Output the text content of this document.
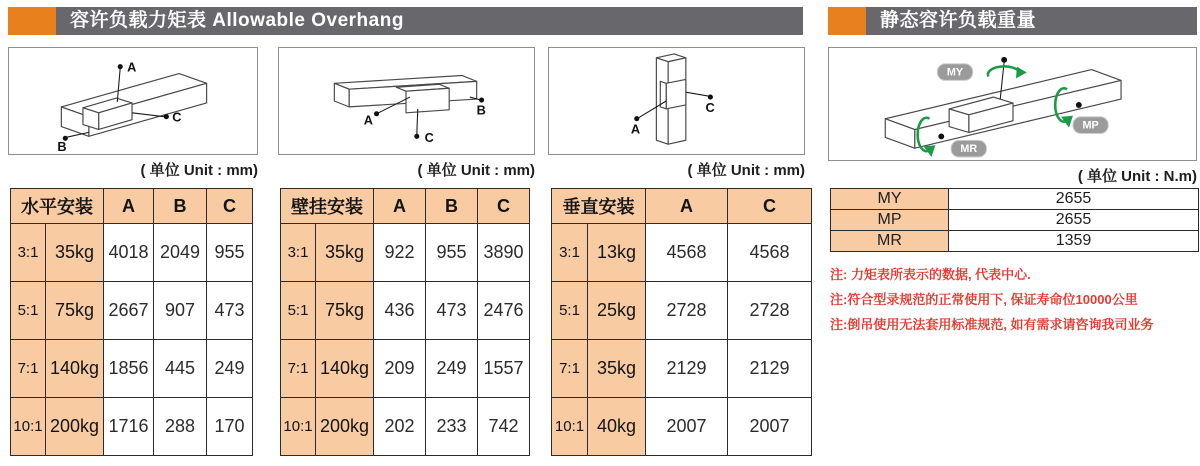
容许负载力矩表 Allowable Overhang	静态容许负载重量
A
B
C
( 单位 Unit : mm)
A
B
C
( 单位 Unit : mm)
A
C
( 单位 Unit : mm)
MY
MP
MR
( 单位 Unit : N.m)
水平安装		A	B	C
3:1	35kg	4018	2049	955
5:1	75kg	2667	907	473
7:1	140kg	1856	445	249
10:1	200kg	1716	288	170
壁挂安装		A	B	C
3:1	35kg	922	955	3890
5:1	75kg	436	473	2476
7:1	140kg	209	249	1557
10:1	200kg	202	233	742
垂直安装		A	C
3:1	13kg	4568	4568
5:1	25kg	2728	2728
7:1	35kg	2129	2129
10:1	40kg	2007	2007
MY	2655
MP	2655
MR	1359
注: 力矩表所表示的数据, 代表中心.
注:符合型录规范的正常使用下, 保证寿命位10000公里
注:倒吊使用无法套用标准规范, 如有需求请咨询我司业务
